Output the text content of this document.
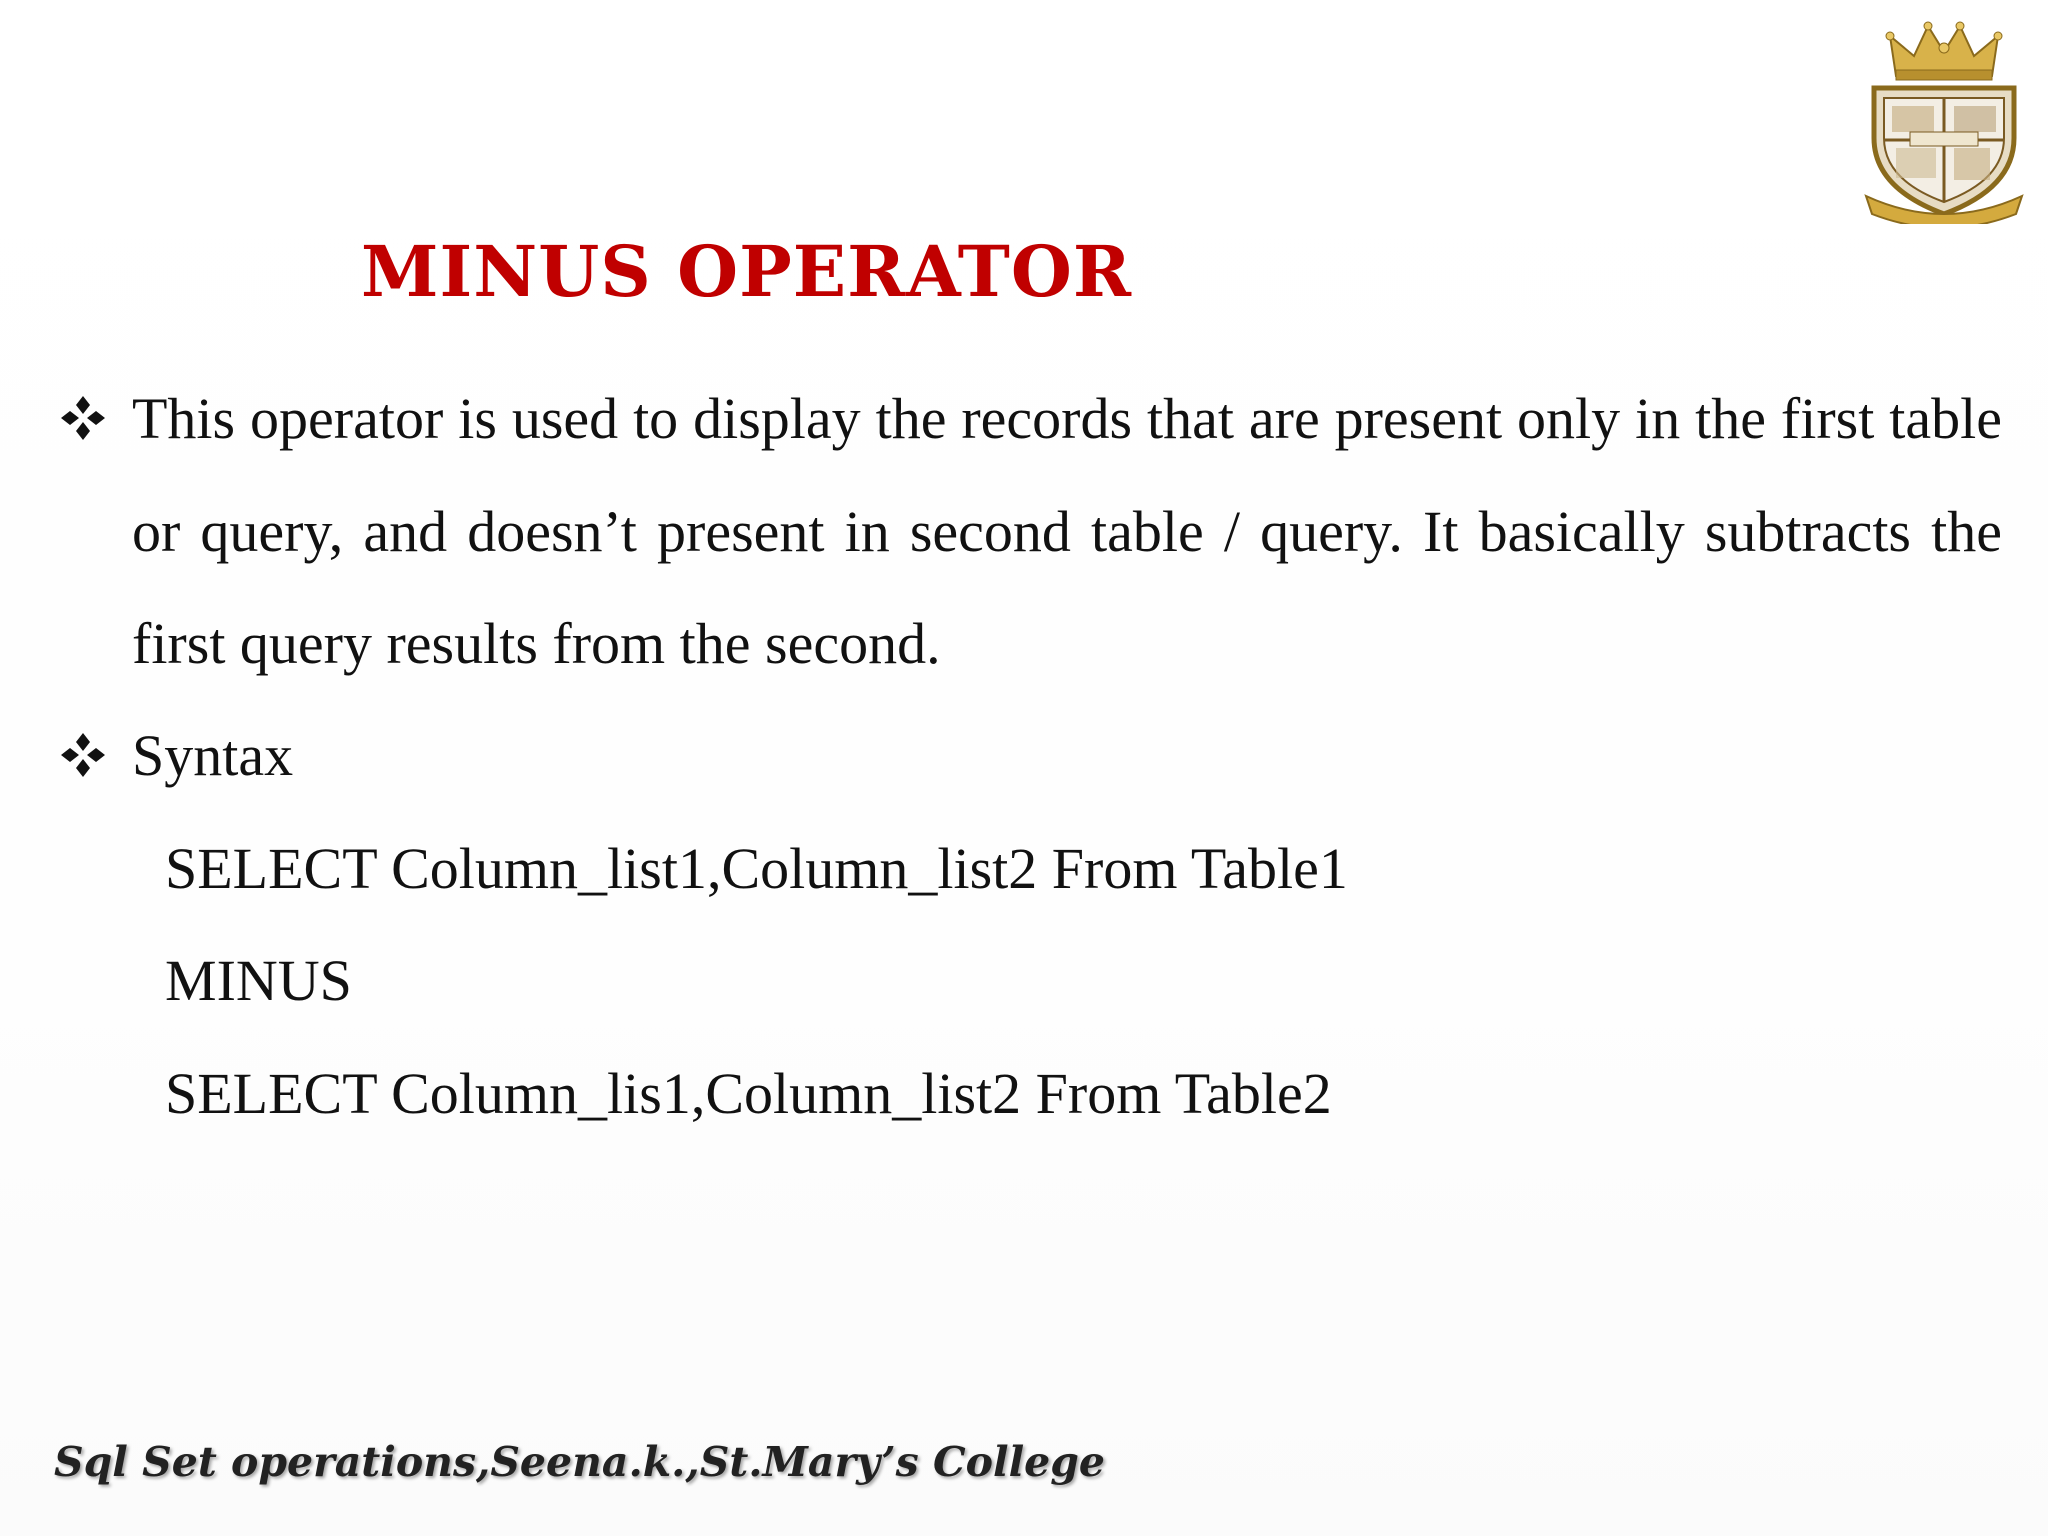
MINUS OPERATOR

This operator is used to display the records that are present only in the first table or query, and doesn’t present in second table / query. It basically subtracts the first query results from the second.

Syntax

SELECT Column_list1,Column_list2 From Table1

MINUS

SELECT Column_lis1,Column_list2 From Table2

Sql Set operations,Seena.k.,St.Mary’s College
